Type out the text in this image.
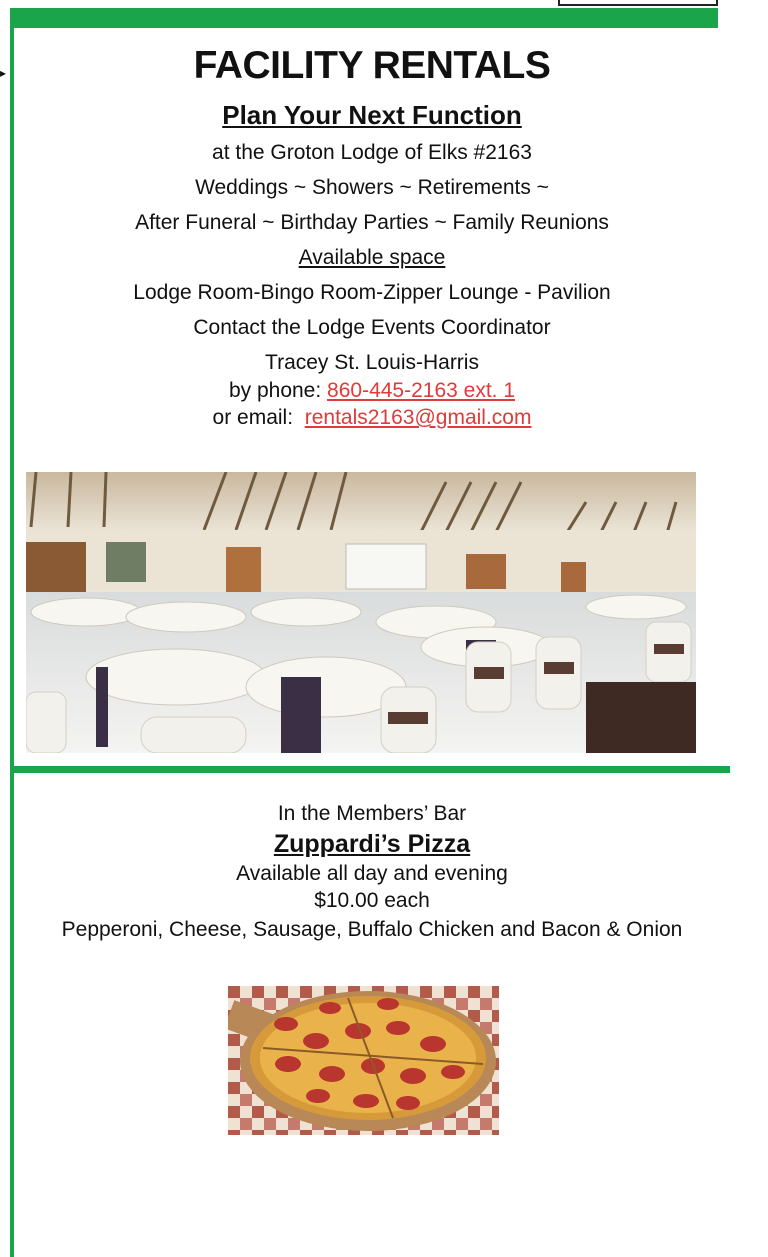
▸	FACILITY RENTALS
Plan Your Next Function
at the Groton Lodge of Elks #2163
Weddings ~ Showers ~ Retirements ~
After Funeral ~ Birthday Parties ~ Family Reunions
Available space
Lodge Room-Bingo Room-Zipper Lounge - Pavilion
Contact the Lodge Events Coordinator
Tracey St. Louis-Harris
by phone: 860-445-2163 ext. 1
or email:  rentals2163@gmail.com
In the Members’ Bar
Zuppardi’s Pizza
Available all day and evening
$10.00 each
Pepperoni, Cheese, Sausage, Buffalo Chicken and Bacon & Onion
